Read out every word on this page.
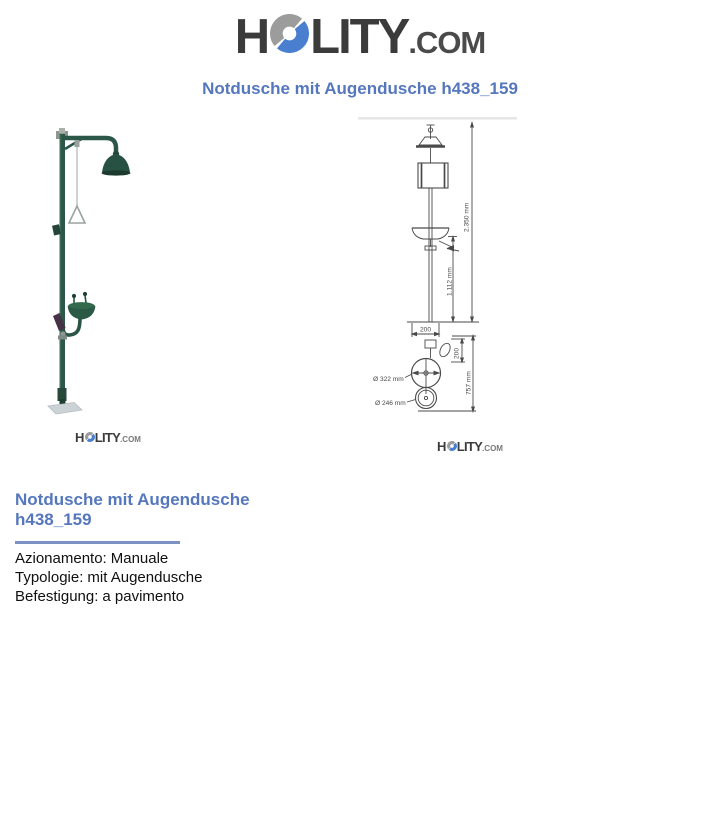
H LITY .COM
Notdusche mit Augendusche h438_159
H LITY .COM
2.350 mm
1.112 mm
200
200
757 mm
Ø 322 mm
Ø 246 mm
H LITY .COM
Notdusche mit Augendusche
h438_159
Azionamento: Manuale
Typologie: mit Augendusche
Befestigung: a pavimento
